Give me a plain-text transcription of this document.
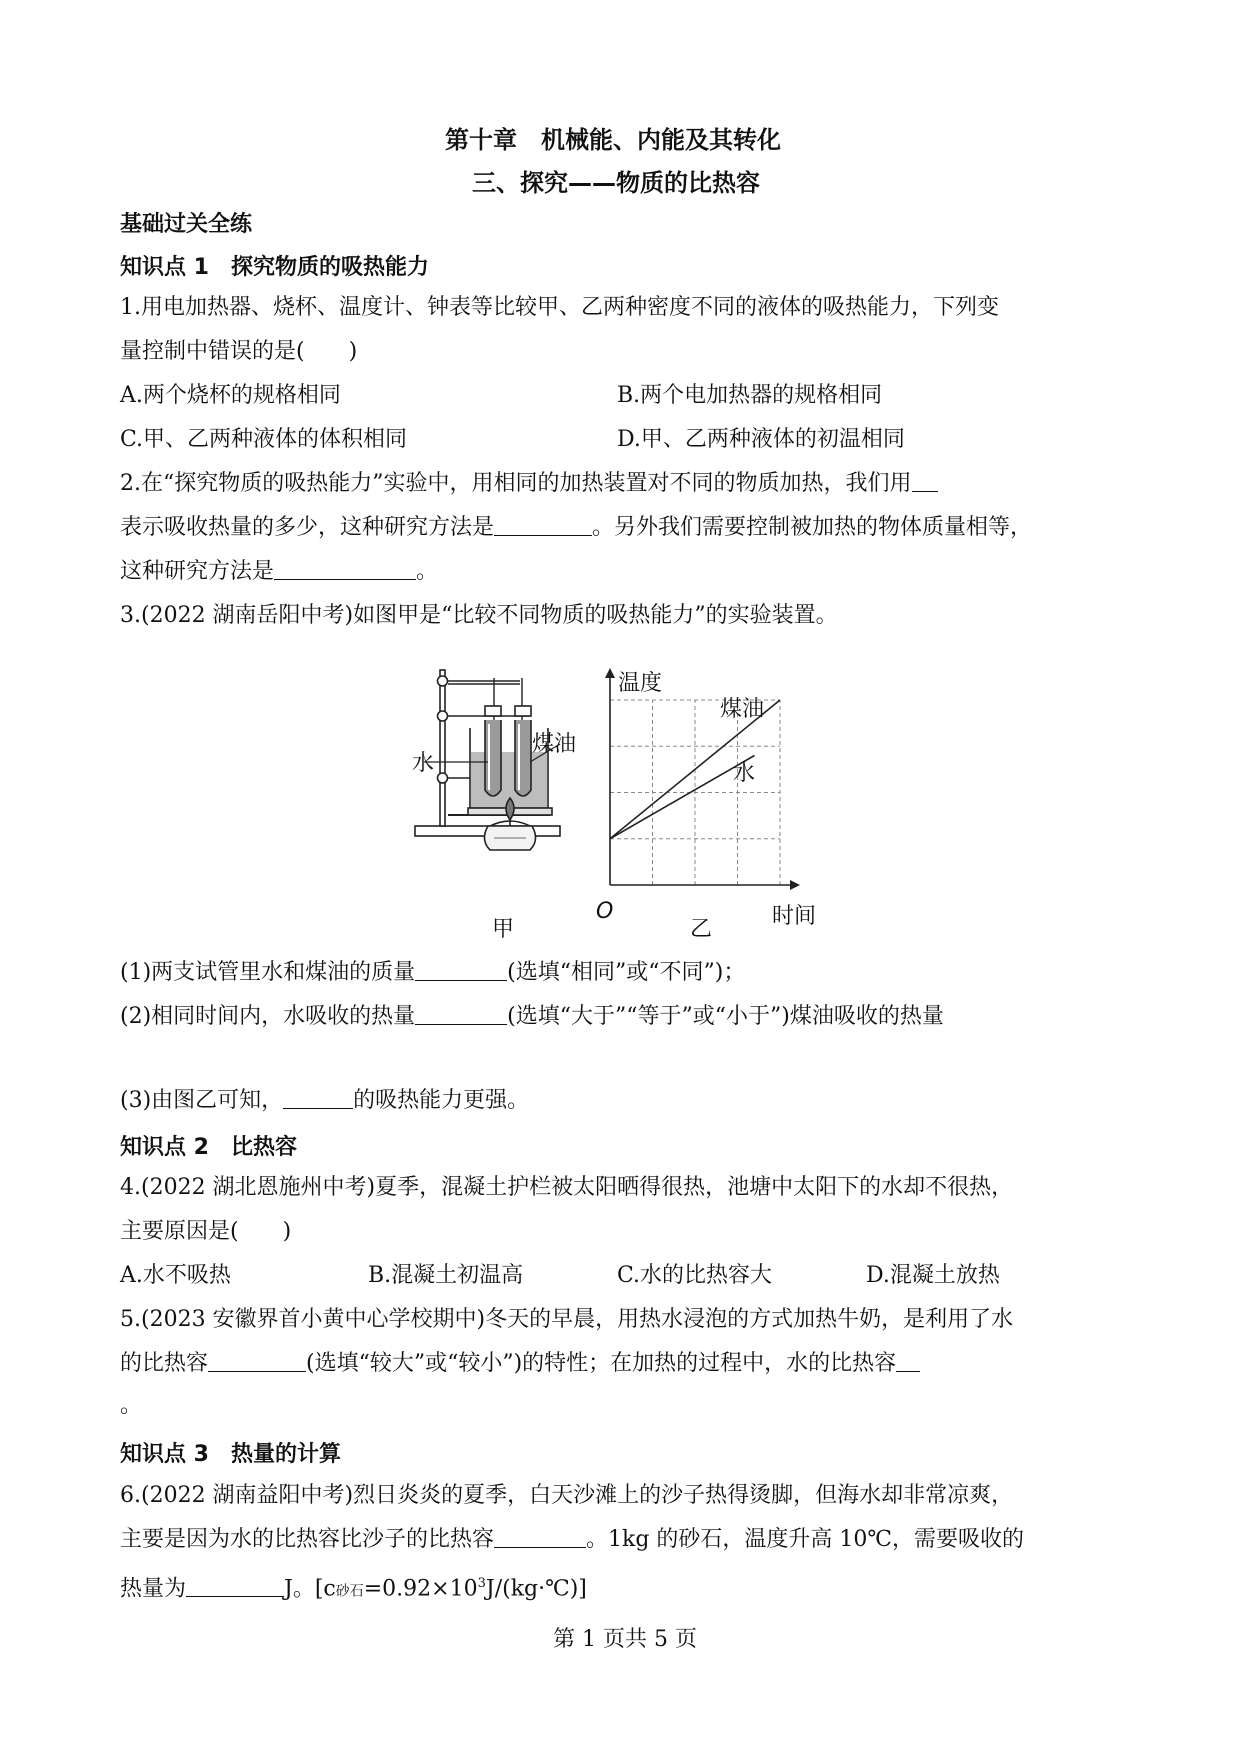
第十章　机械能、内能及其转化
三、探究——物质的比热容
基础过关全练
知识点 1　探究物质的吸热能力
1.用电加热器、烧杯、温度计、钟表等比较甲、乙两种密度不同的液体的吸热能力，下列变
量控制中错误的是(　　)
A.两个烧杯的规格相同	B.两个电加热器的规格相同
C.甲、乙两种液体的体积相同	D.甲、乙两种液体的初温相同
2.在“探究物质的吸热能力”实验中，用相同的加热装置对不同的物质加热，我们用
表示吸收热量的多少，这种研究方法是	。另外我们需要控制被加热的物体质量相等，
这种研究方法是	。
3.(2022 湖南岳阳中考)如图甲是“比较不同物质的吸热能力”的实验装置。
水
煤油
甲
温度
时间
O
煤油
水
乙
(1)两支试管里水和煤油的质量	(选填“相同”或“不同”)；
(2)相同时间内，水吸收的热量	(选填“大于”“等于”或“小于”)煤油吸收的热量
(3)由图乙可知，	的吸热能力更强。
知识点 2　比热容
4.(2022 湖北恩施州中考)夏季，混凝土护栏被太阳晒得很热，池塘中太阳下的水却不很热，
主要原因是(　　)
A.水不吸热	B.混凝土初温高	C.水的比热容大	D.混凝土放热
5.(2023 安徽界首小黄中心学校期中)冬天的早晨，用热水浸泡的方式加热牛奶，是利用了水
的比热容	(选填“较大”或“较小”)的特性；在加热的过程中，水的比热容
。
知识点 3　热量的计算
6.(2022 湖南益阳中考)烈日炎炎的夏季，白天沙滩上的沙子热得烫脚，但海水却非常凉爽，
主要是因为水的比热容比沙子的比热容	。1kg 的砂石，温度升高 10℃，需要吸收的
热量为	J。[c砂石$=0.92\times 10^3J/(kg\cdot℃)$]
第 1 页共 5 页
